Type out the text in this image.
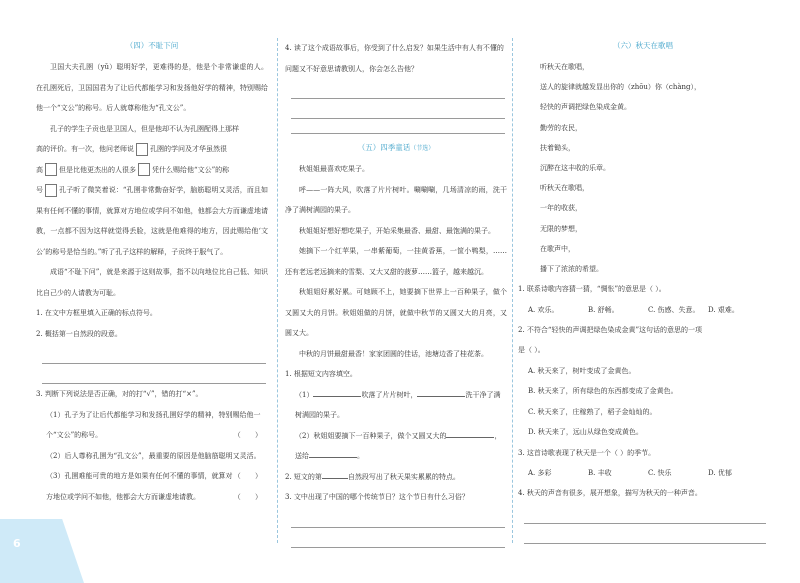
（四）不耻下问

卫国大夫孔圉（yǔ）聪明好学，更难得的是，他是个非常谦虚的人。在孔圉死后，卫国国君为了让后代都能学习和发扬他好学的精神，特别赐给他一个“文公”的称号。后人就尊称他为“孔文公”。

孔子的学生子贡也是卫国人，但是他却不认为孔圉配得上那样

高的评价。有一次，他问老师说 孔圉的学问及才华虽然很

高 但是比他更杰出的人很多 凭什么赐给他“文公”的称

号 孔子听了微笑着说：“孔圉非常勤奋好学，脑筋聪明又灵活，而且如果有任何不懂的事情，就算对方地位或学问不如他，他都会大方而谦虚地请教，一点都不因为这样就觉得丢脸，这就是他难得的地方，因此赐给他‘文公’的称号是恰当的。”听了孔子这样的解释，子贡终于服气了。

成语“不耻下问”，就是来源于这则故事，指不以向地位比自己低、知识比自己少的人请教为可耻。

1. 在文中方框里填入正确的标点符号。
2. 概括第一自然段的段意。
3. 判断下列说法是否正确，对的打“√”，错的打“×”。
（1）孔子为了让后代都能学习和发扬孔圉好学的精神，特别赐给他一个“文公”的称号。	（ ）
（2）后人尊称孔圉为“孔文公”，最重要的原因是他脑筋聪明又灵活。
（ ）
（3）孔圉难能可贵的地方是如果有任何不懂的事情，就算对方地位或学问不如他，他都会大方而谦虚地请教。	（ ）
4. 读了这个成语故事后，你受到了什么启发？如果生活中有人有不懂的问题又不好意思请教别人，你会怎么告他？
（五）四季童话（节选）

秋姐姐最喜欢吃果子。

呼——一阵大风，吹落了片片树叶。唰唰唰，几场清凉的雨，洗干净了满树满园的果子。

秋姐姐好想好想吃果子，开始采集最香、最甜、最饱满的果子。

她摘下一个红苹果，一串紫葡萄，一挂黄香蕉，一筐小鸭梨，……还有老远老远摘来的雪梨、又大又甜的菠萝……篮子，越来越沉。

秋姐姐好累好累。可她顾不上，她要摘下世界上一百种果子，做个又圆又大的月饼。秋姐姐做的月饼，就做中秋节的又圆又大的月亮，又圆又大。

中秋的月饼最甜最香！家家团圆的佳话，池塘边香了桂花茶。

1. 根据短文内容填空。
（1）	吹落了片片树叶，	洗干净了满树满园的果子。
（2）秋姐姐要摘下一百种果子，做个又圆又大的	，送给	。
2. 短文的第	自然段写出了秋天果实累累的特点。
3. 文中出现了中国的哪个传统节日？这个节日有什么习俗？
（六）秋天在歌唱
听秋天在歌唱，
送人的旋律就越发显出你的（zhōu）你（chàng），
轻快的声调把绿色染成金黄。
勤劳的农民，
扶着锄头，
沉醉在这丰收的乐章。
听秋天在歌唱，
一年的收获，
无限的梦想，
在歌声中，
播下了浓浓的希望。
1. 联系诗歌内容猜一猜，“惆怅”的意思是（ ）。
A. 欢乐。	B. 舒畅。	C. 伤感、失意。	D. 艰难。
2. 不符合“轻快的声调把绿色染成金黄”这句话的意思的一项
是（ ）。
A. 秋天来了，树叶变成了金黄色。
B. 秋天来了，所有绿色的东西都变成了金黄色。
C. 秋天来了，庄稼熟了，稻子金灿灿的。
D. 秋天来了，远山从绿色变成黄色。
3. 这首诗歌表现了秋天是一个（ ）的季节。
A. 多彩	B. 丰收	C. 快乐	D. 优郁
4. 秋天的声音有很多，展开想象，描写为秋天的一种声音。
6
